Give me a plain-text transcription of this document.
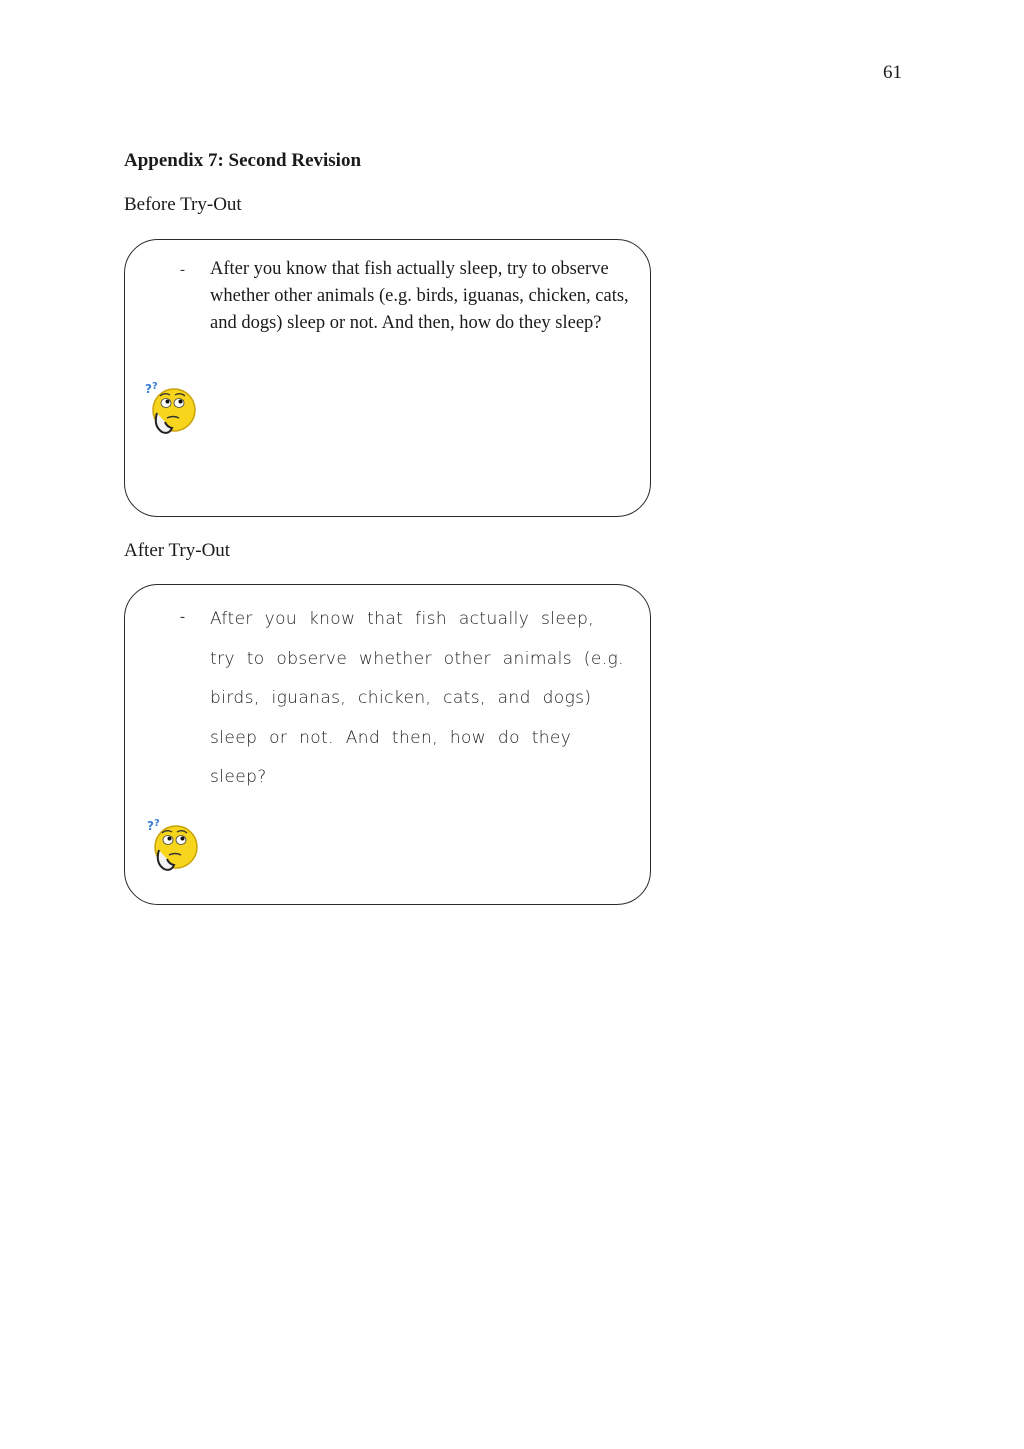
61
Appendix 7: Second Revision

Before Try-Out

- After you know that fish actually sleep, try to observe whether other animals (e.g. birds, iguanas, chicken, cats, and dogs) sleep or not. And then, how do they sleep?

? ?

After Try-Out

- After you know that fish actually sleep, try to observe whether other animals (e.g. birds, iguanas, chicken, cats, and dogs) sleep or not. And then, how do they sleep?

? ?
